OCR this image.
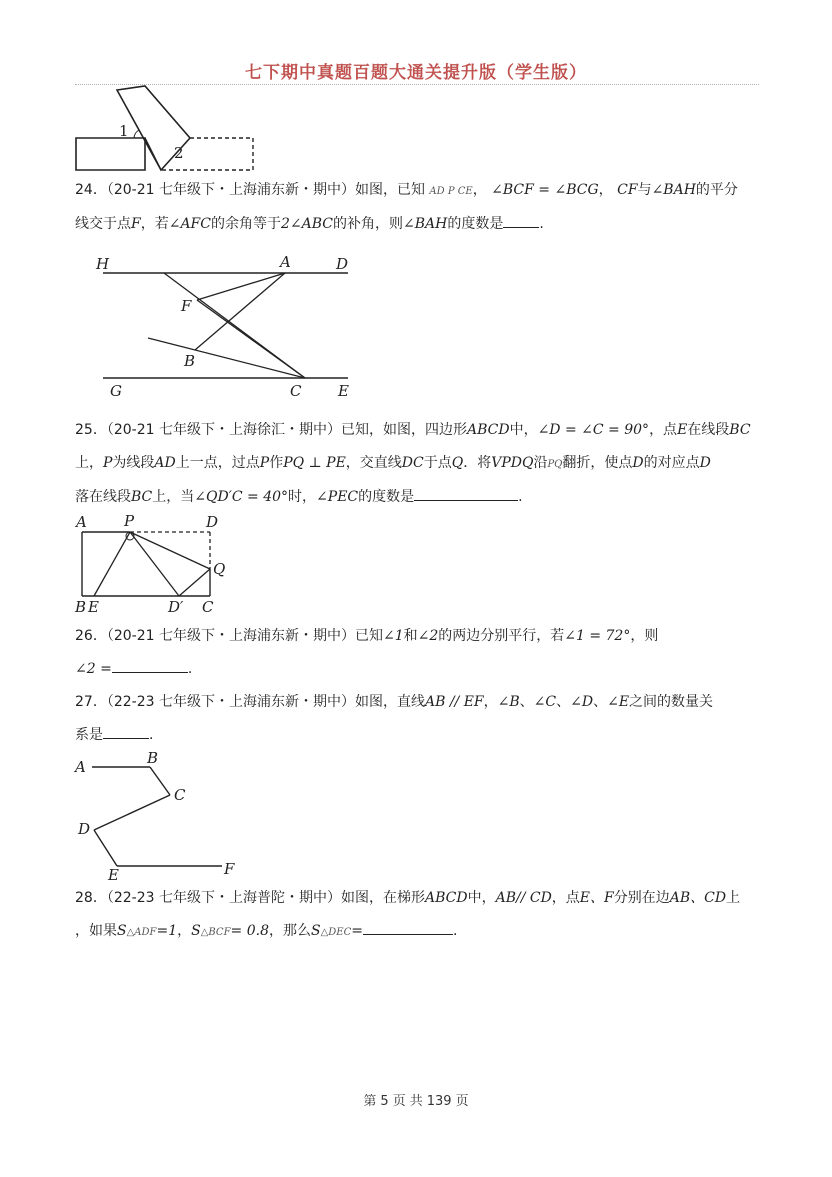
七下期中真题百题大通关提升版（学生版）
1
2
24．（20-21 七年级下・上海浦东新・期中）如图，已知 AD P CE， ∠BCF = ∠BCG， CF与∠BAH的平分
线交于点F，若∠AFC的余角等于2∠ABC的补角，则∠BAH的度数是	.
H	A	D
F
B
G	C E
25．（20-21 七年级下・上海徐汇・期中）已知，如图，四边形ABCD中，∠D = ∠C = 90°，点E在线段BC
上，P为线段AD上一点，过点P作PQ ⊥ PE，交直线DC于点Q．将VPDQ沿PQ翻折，使点D的对应点D
落在线段BC上，当∠QD′C = 40°时，∠PEC的度数是	.
A P	D
Q
B E	D′ C
26．（20-21 七年级下・上海浦东新・期中）已知∠1和∠2的两边分别平行，若∠1 = 72°，则
∠2 =	.
27．（22-23 七年级下・上海浦东新・期中）如图，直线AB // EF，∠B、∠C、∠D、∠E之间的数量关
系是	.
A	B
C
D
E	F
28．（22-23 七年级下・上海普陀・期中）如图，在梯形ABCD中，AB// CD，点E、F分别在边AB、CD上
，如果S△ADF=1，S△BCF= 0.8，那么S△DEC=	.
第 5 页 共 139 页
